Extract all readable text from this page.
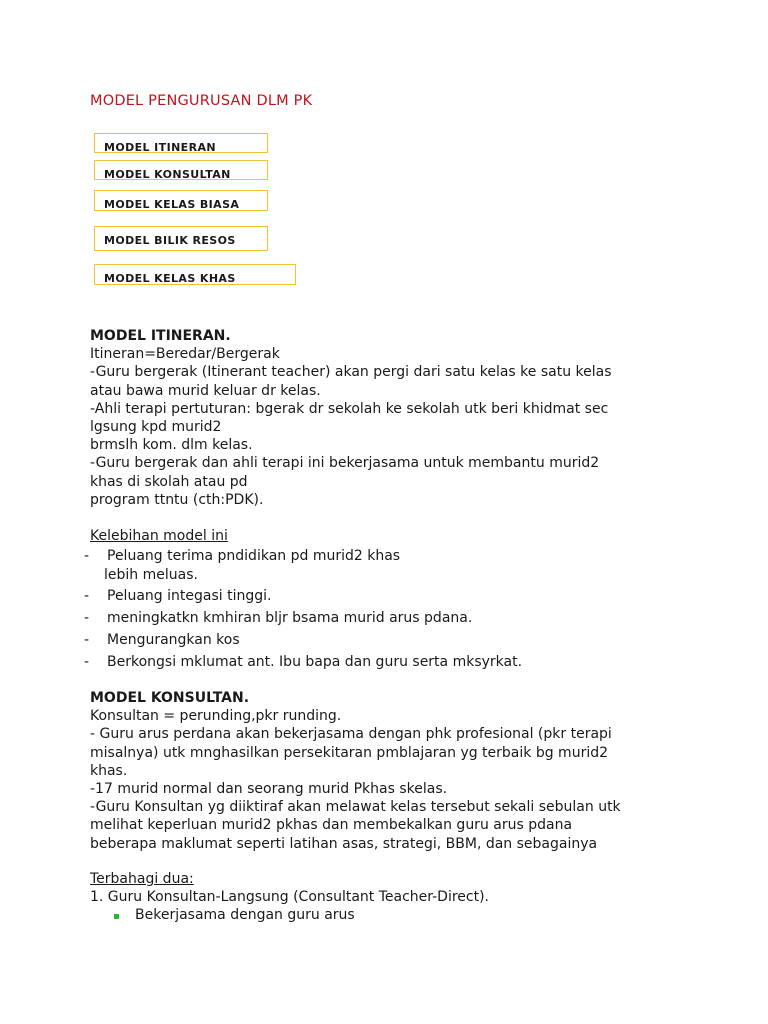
MODEL PENGURUSAN DLM PK
MODEL ITINERAN
MODEL KONSULTAN
MODEL KELAS BIASA
MODEL BILIK RESOS
MODEL KELAS KHAS
MODEL ITINERAN.
Itineran=Beredar/Bergerak
-Guru bergerak (Itinerant teacher) akan pergi dari satu kelas ke satu kelas
atau bawa murid keluar dr kelas.
-Ahli terapi pertuturan: bgerak dr sekolah ke sekolah utk beri khidmat sec
lgsung kpd murid2
brmslh kom. dlm kelas.
-Guru bergerak dan ahli terapi ini bekerjasama untuk membantu murid2
khas di skolah atau pd
program ttntu (cth:PDK).
Kelebihan model ini
- Peluang terima pndidikan pd murid2 khas
lebih meluas.
- Peluang integasi tinggi.
- meningkatkn kmhiran bljr bsama murid arus pdana.
- Mengurangkan kos
- Berkongsi mklumat ant. Ibu bapa dan guru serta mksyrkat.
MODEL KONSULTAN.
Konsultan = perunding,pkr runding.
- Guru arus perdana akan bekerjasama dengan phk profesional (pkr terapi
misalnya) utk mnghasilkan persekitaran pmblajaran yg terbaik bg murid2
khas.
-17 murid normal dan seorang murid Pkhas skelas.
-Guru Konsultan yg diiktiraf akan melawat kelas tersebut sekali sebulan utk
melihat keperluan murid2 pkhas dan membekalkan guru arus pdana
beberapa maklumat seperti latihan asas, strategi, BBM, dan sebagainya
Terbahagi dua:
1. Guru Konsultan-Langsung (Consultant Teacher-Direct).
Bekerjasama dengan guru arus
